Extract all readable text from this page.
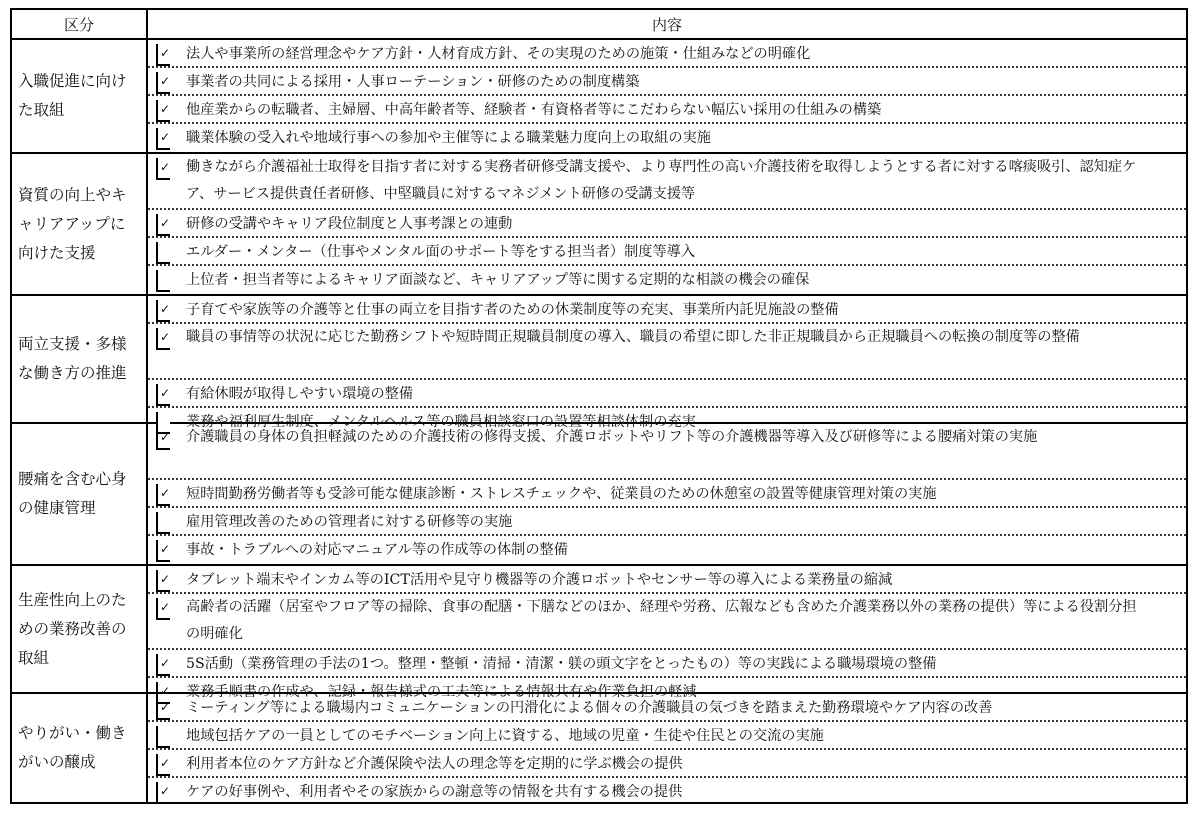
区分	内容
入職促進に向けた取組
✓ 法人や事業所の経営理念やケア方針・人材育成方針、その実現のための施策・仕組みなどの明確化
✓ 事業者の共同による採用・人事ローテーション・研修のための制度構築
✓ 他産業からの転職者、主婦層、中高年齢者等、経験者・有資格者等にこだわらない幅広い採用の仕組みの構築
✓ 職業体験の受入れや地域行事への参加や主催等による職業魅力度向上の取組の実施
資質の向上やキャリアアップに向けた支援
✓ 働きながら介護福祉士取得を目指す者に対する実務者研修受講支援や、より専門性の高い介護技術を取得しようとする者に対する喀痰吸引、認知症ケア、サービス提供責任者研修、中堅職員に対するマネジメント研修の受講支援等
✓ 研修の受講やキャリア段位制度と人事考課との連動
エルダー・メンター（仕事やメンタル面のサポート等をする担当者）制度等導入
上位者・担当者等によるキャリア面談など、キャリアアップ等に関する定期的な相談の機会の確保
両立支援・多様な働き方の推進
✓ 子育てや家族等の介護等と仕事の両立を目指す者のための休業制度等の充実、事業所内託児施設の整備
✓ 職員の事情等の状況に応じた勤務シフトや短時間正規職員制度の導入、職員の希望に即した非正規職員から正規職員への転換の制度等の整備
✓ 有給休暇が取得しやすい環境の整備
業務や福利厚生制度、メンタルヘルス等の職員相談窓口の設置等相談体制の充実
腰痛を含む心身の健康管理
✓ 介護職員の身体の負担軽減のための介護技術の修得支援、介護ロボットやリフト等の介護機器等導入及び研修等による腰痛対策の実施
✓ 短時間勤務労働者等も受診可能な健康診断・ストレスチェックや、従業員のための休憩室の設置等健康管理対策の実施
雇用管理改善のための管理者に対する研修等の実施
✓ 事故・トラブルへの対応マニュアル等の作成等の体制の整備
生産性向上のための業務改善の取組
✓ タブレット端末やインカム等のICT活用や見守り機器等の介護ロボットやセンサー等の導入による業務量の縮減
✓ 高齢者の活躍（居室やフロア等の掃除、食事の配膳・下膳などのほか、経理や労務、広報なども含めた介護業務以外の業務の提供）等による役割分担の明確化
✓ 5S活動（業務管理の手法の1つ。整理・整頓・清掃・清潔・躾の頭文字をとったもの）等の実践による職場環境の整備
✓ 業務手順書の作成や、記録・報告様式の工夫等による情報共有や作業負担の軽減
やりがい・働きがいの醸成
✓ ミーティング等による職場内コミュニケーションの円滑化による個々の介護職員の気づきを踏まえた勤務環境やケア内容の改善
地域包括ケアの一員としてのモチベーション向上に資する、地域の児童・生徒や住民との交流の実施
✓ 利用者本位のケア方針など介護保険や法人の理念等を定期的に学ぶ機会の提供
✓ ケアの好事例や、利用者やその家族からの謝意等の情報を共有する機会の提供
